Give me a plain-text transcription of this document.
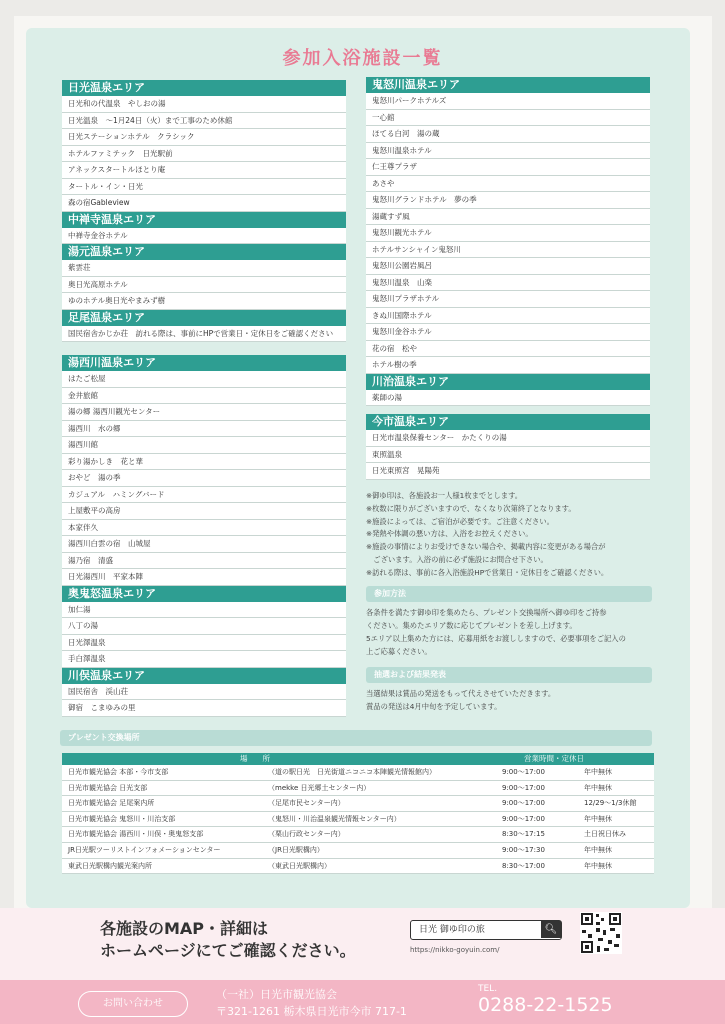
参加入浴施設一覧
日光温泉エリア
日光和の代温泉　やしおの湯
日光温泉　～1月24日（火）まで工事のため休館
日光ステーションホテル　クラシック
ホテルファミテック　日光駅前
アネックスタートルほとり庵
タートル・イン・日光
森の宿Gableview
中禅寺温泉エリア
中禅寺金谷ホテル
湯元温泉エリア
紫雲荘
奥日光高原ホテル
ゆのホテル奥日光やまみず樹
足尾温泉エリア
国民宿舎かじか荘　訪れる際は、事前にHPで営業日・定休日をご確認ください
湯西川温泉エリア
はたご松屋
金井旅館
湯の郷 湯西川観光センター
湯西川　水の郷
湯西川館
彩り湯かしき　花と華
おやど　湯の季
カジュアル　ハミングバード
上屋敷平の高房
本家伴久
湯西川白雲の宿　山城屋
湯乃宿　清盛
日光湯西川　平家本陣
奥鬼怒温泉エリア
加仁湯
八丁の湯
日光澤温泉
手白澤温泉
川俣温泉エリア
国民宿舎　渓山荘
御宿　こまゆみの里
鬼怒川温泉エリア
鬼怒川パークホテルズ
一心館
ほてる白河　湯の蔵
鬼怒川温泉ホテル
仁王尊プラザ
あさや
鬼怒川グランドホテル　夢の季
湯蔵すず風
鬼怒川観光ホテル
ホテルサンシャイン鬼怒川
鬼怒川公園岩風呂
鬼怒川温泉　山楽
鬼怒川プラザホテル
きぬ川国際ホテル
鬼怒川金谷ホテル
花の宿　松や
ホテル樹の季
川治温泉エリア
薬師の湯
今市温泉エリア
日光市温泉保養センター　かたくりの湯
東照温泉
日光東照宮　晃陽苑
※御ゆ印は、各施設お一人様1枚までとします。
※枚数に限りがございますので、なくなり次第終了となります。
※施設によっては、ご宿泊が必要です。ご注意ください。
※発熱や体調の悪い方は、入浴をお控えください。
※施設の事情によりお受けできない場合や、掲載内容に変更がある場合が
　ございます。入浴の前に必ず施設にお問合せ下さい。
※訪れる際は、事前に各入浴施設HPで営業日・定休日をご確認ください。
参加方法
各条件を満たす御ゆ印を集めたら、プレゼント交換場所へ御ゆ印をご持参
ください。集めたエリア数に応じてプレゼントを差し上げます。
5エリア以上集めた方には、応募用紙をお渡ししますので、必要事項をご記入の
上ご応募ください。
抽選および結果発表
当選結果は賞品の発送をもって代えさせていただきます。
賞品の発送は4月中旬を予定しています。
プレゼント交換場所
場　　所	営業時間・定休日
日光市観光協会 本部・今市支部	（道の駅日光　日光街道ニコニコ本陣観光情報館内）	9:00～17:00	年中無休
日光市観光協会 日光支部	（mekke 日光郷土センター内）	9:00～17:00	年中無休
日光市観光協会 足尾案内所	（足尾市民センター内）	9:00～17:00	12/29～1/3休館
日光市観光協会 鬼怒川・川治支部	（鬼怒川・川治温泉観光情報センター内）	9:00～17:00	年中無休
日光市観光協会 湯西川・川俣・奥鬼怒支部	（栗山行政センター内）	8:30～17:15	土日祝日休み
JR日光駅ツーリストインフォメーションセンター	（JR日光駅構内）	9:00～17:30	年中無休
東武日光駅構内観光案内所	（東武日光駅構内）	8:30～17:00	年中無休
各施設のMAP・詳細は
ホームページにてご確認ください。
日光 御ゆ印の旅	🔍︎
https://nikko-goyuin.com/
お問い合わせ
（一社）日光市観光協会
〒321-1261 栃木県日光市今市 717-1
TEL.
0288-22-1525
